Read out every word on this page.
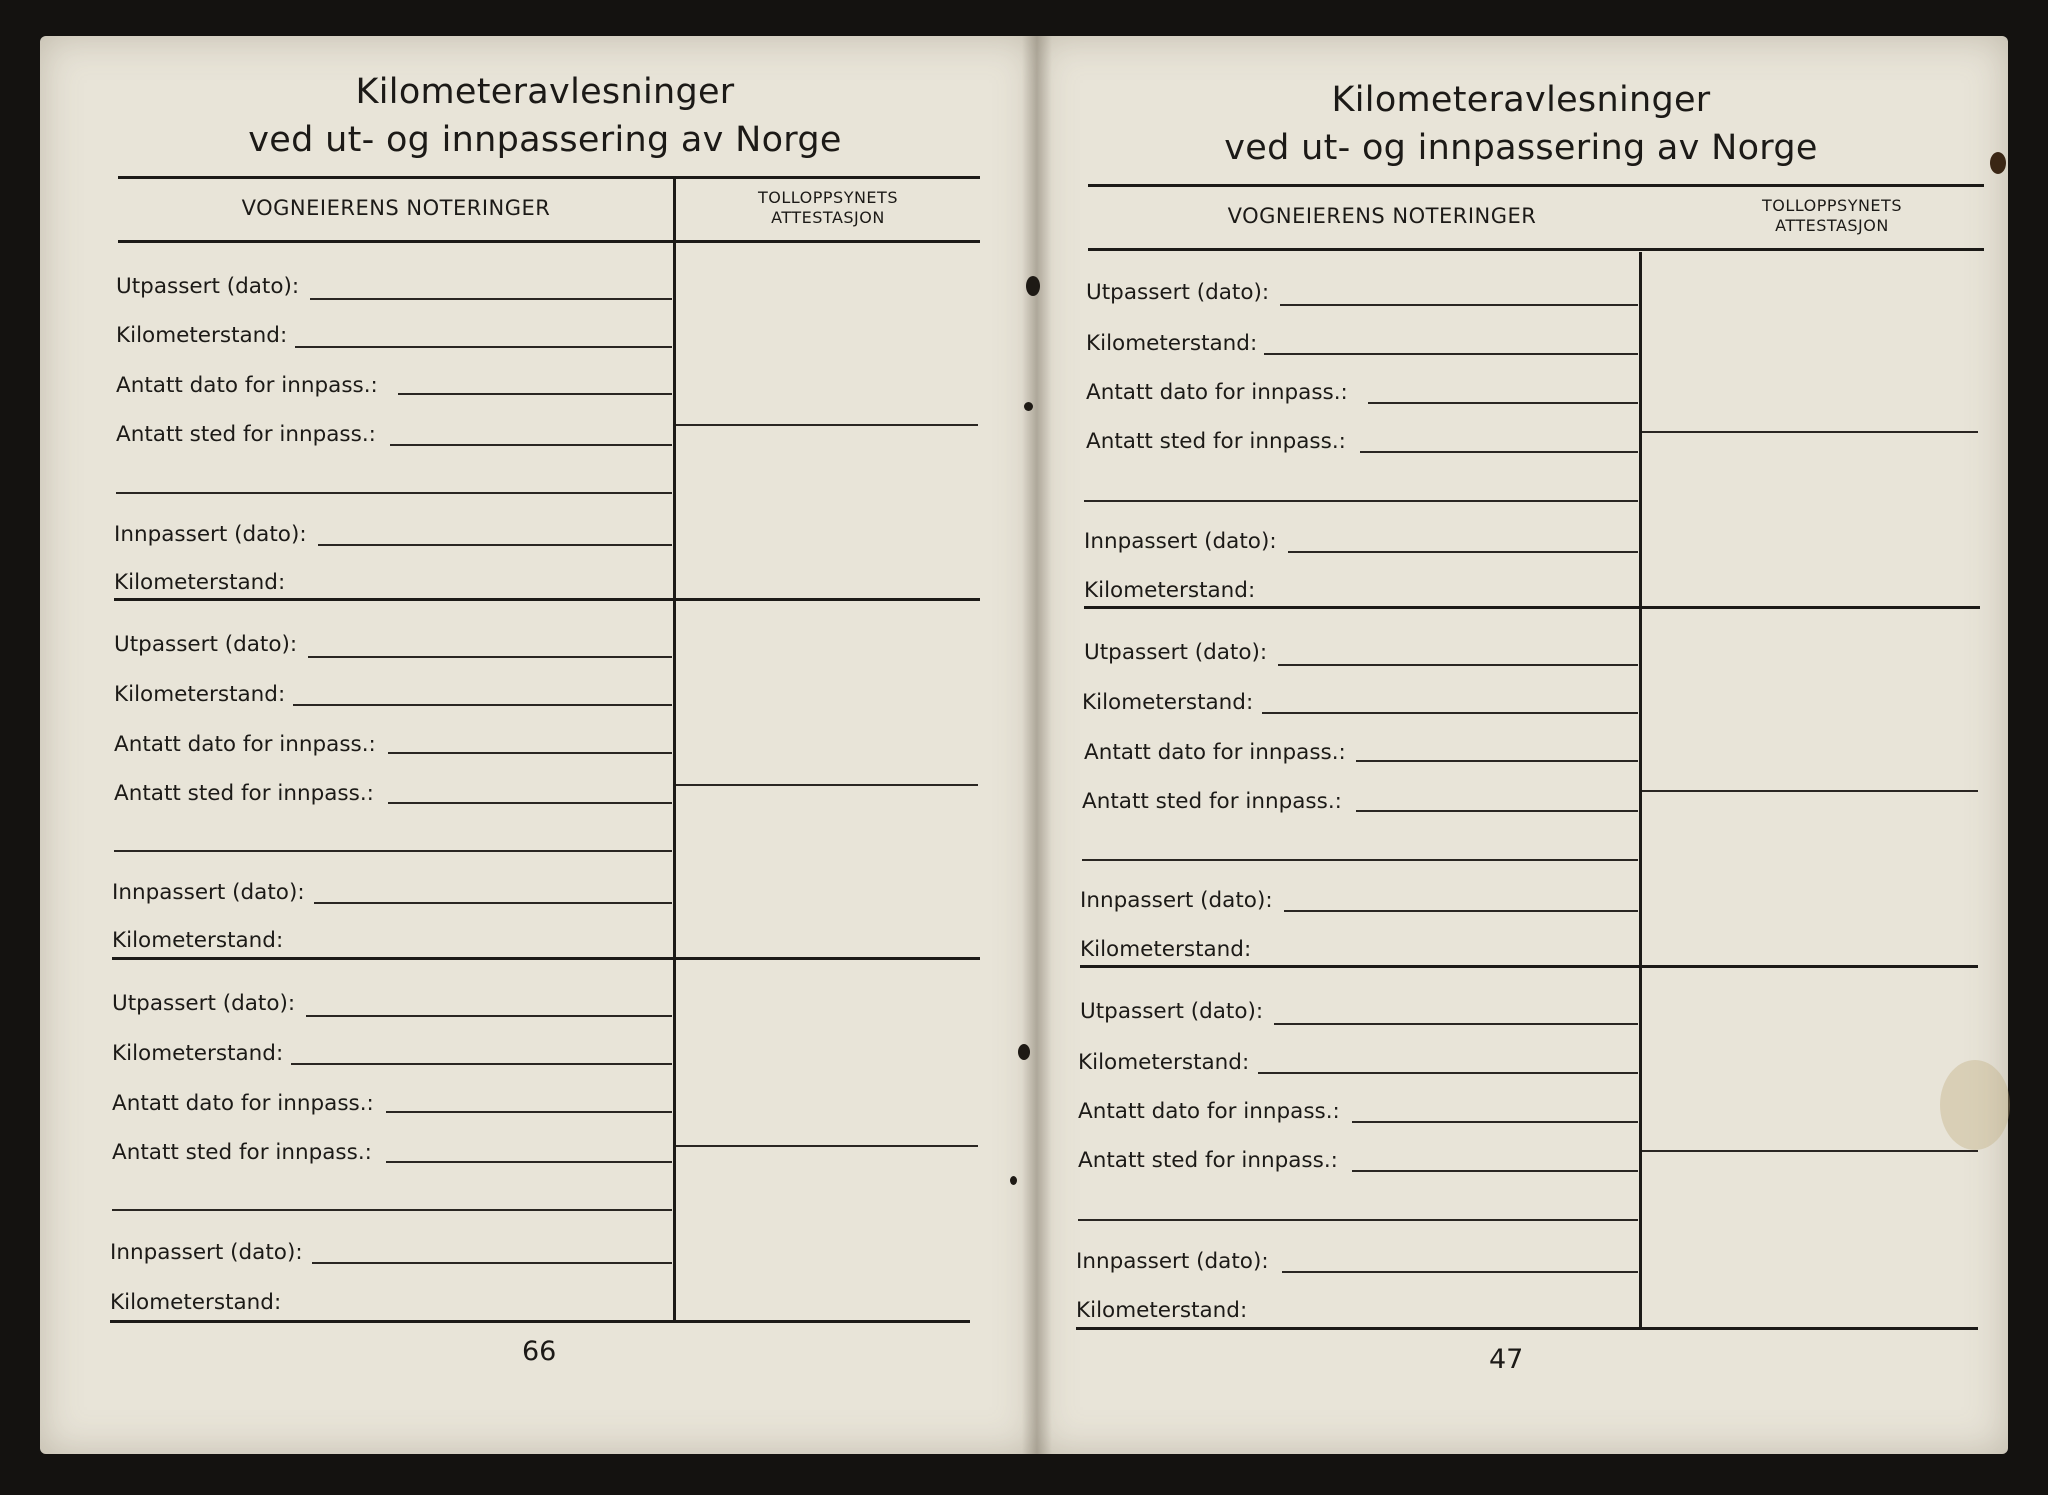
Kilometeravlesninger
ved ut- og innpassering av Norge
VOGNEIERENS NOTERINGER	TOLLOPPSYNETS
ATTESTASJON
Utpassert (dato):
Kilometerstand:
Antatt dato for innpass.:
Antatt sted for innpass.:
Innpassert (dato):
Kilometerstand:
Utpassert (dato):
Kilometerstand:
Antatt dato for innpass.:
Antatt sted for innpass.:
Innpassert (dato):
Kilometerstand:
Utpassert (dato):
Kilometerstand:
Antatt dato for innpass.:
Antatt sted for innpass.:
Innpassert (dato):
Kilometerstand:
66
Kilometeravlesninger
ved ut- og innpassering av Norge
VOGNEIERENS NOTERINGER	TOLLOPPSYNETS
ATTESTASJON
Utpassert (dato):
Kilometerstand:
Antatt dato for innpass.:
Antatt sted for innpass.:
Innpassert (dato):
Kilometerstand:
Utpassert (dato):
Kilometerstand:
Antatt dato for innpass.:
Antatt sted for innpass.:
Innpassert (dato):
Kilometerstand:
Utpassert (dato):
Kilometerstand:
Antatt dato for innpass.:
Antatt sted for innpass.:
Innpassert (dato):
Kilometerstand:
47
